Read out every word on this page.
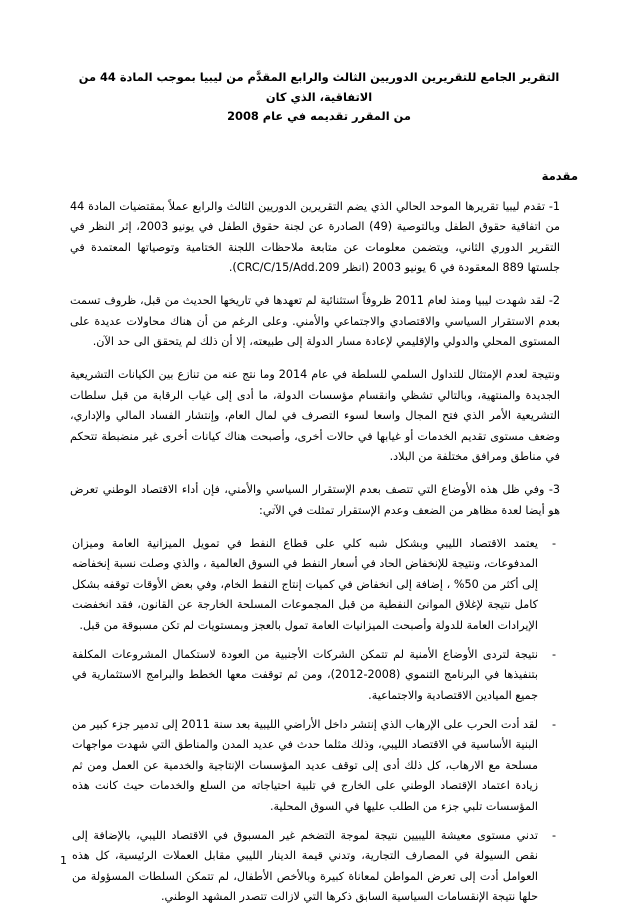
التقرير الجامع للتقريرين الدوريين الثالث والرابع المقدَّم من ليبيا بموجب المادة 44 من الاتفاقية، الذي كان
من المقرر تقديمه في عام 2008
مقدمة

1- تقدم ليبيا تقريرها الموحد الحالي الذي يضم التقريرين الدوريين الثالث والرابع عملاً بمقتضيات المادة 44 من اتفاقية حقوق الطفل وبالتوصية (49) الصادرة عن لجنة حقوق الطفل في يونيو 2003، إثر النظر في التقرير الدوري الثاني، ويتضمن معلومات عن متابعة ملاحظات اللجنة الختامية وتوصياتها المعتمدة في جلستها 889 المعقودة في 6 يونيو 2003 (انظر CRC/C/15/Add.209).

2- لقد شهدت ليبيا ومنذ لعام 2011 ظروفاً استثنائية لم تعهدها في تاريخها الحديث من قبل، ظروف تسمت بعدم الاستقرار السياسي والاقتصادي والاجتماعي والأمني. وعلى الرغم من أن هناك محاولات عديدة على المستوى المحلي والدولي والإقليمي لإعادة مسار الدولة إلى طبيعته، إلا أن ذلك لم يتحقق الى حد الآن.

ونتيجة لعدم الإمتثال للتداول السلمي للسلطة في عام 2014 وما نتج عنه من تنازع بين الكيانات التشريعية الجديدة والمنتهية، وبالتالي تشظي وانقسام مؤسسات الدولة، ما أدى إلى غياب الرقابة من قبل سلطات التشريعية الأمر الذي فتح المجال واسعا لسوء التصرف في لمال العام، وإنتشار الفساد المالي والإداري، وضعف مستوى تقديم الخدمات أو غيابها في حالات أخرى، وأصبحت هناك كيانات أخرى غير منضبطة تتحكم في مناطق ومرافق مختلفة من البلاد.

3- وفي ظل هذه الأوضاع التي تتصف بعدم الإستقرار السياسي والأمني، فإن أداء الاقتصاد الوطني تعرض هو أيضا لعدة مظاهر من الضعف وعدم الإستقرار تمثلت في الآتي:

-
يعتمد الاقتصاد الليبي وبشكل شبه كلي على قطاع النفط في تمويل الميزانية العامة وميزان المدفوعات، ونتيجة للإنخفاض الحاد في أسعار النفط في السوق العالمية ، والذي وصلت نسبة إنخفاضه إلى أكثر من 50% ، إضافة إلى انخفاض في كميات إنتاج النفط الخام، وفي بعض الأوقات توقفه بشكل كامل نتيجة لإغلاق الموانئ النفطية من قبل المجموعات المسلحة الخارجة عن القانون، فقد انخفضت الإيرادات العامة للدولة وأصبحت الميزانيات العامة تمول بالعجز وبمستويات لم تكن مسبوقة من قبل.
-
نتيجة لتردى الأوضاع الأمنية لم تتمكن الشركات الأجنبية من العودة لاستكمال المشروعات المكلفة بتنفيذها في البرنامج التنموي (2008-2012)، ومن ثم توقفت معها الخطط والبرامج الاستثمارية في جميع الميادين الاقتصادية والاجتماعية.
-
لقد أدت الحرب على الإرهاب الذي إنتشر داخل الأراضي الليبية بعد سنة 2011 إلى تدمير جزء كبير من البنية الأساسية في الاقتصاد الليبي، وذلك مثلما حدث في عديد المدن والمناطق التي شهدت مواجهات مسلحة مع الارهاب، كل ذلك أدى إلى توقف عديد المؤسسات الإنتاجية والخدمية عن العمل ومن ثم زيادة اعتماد الإقتصاد الوطني على الخارج في تلبية احتياجاته من السلع والخدمات حيث كانت هذه المؤسسات تلبي جزء من الطلب عليها في السوق المحلية.
-
تدني مستوى معيشة الليبيين نتيجة لموجة التضخم غير المسبوق في الاقتصاد الليبي، بالإضافة إلى نقص السيولة في المصارف التجارية، وتدني قيمة الدينار الليبي مقابل العملات الرئيسية، كل هذه العوامل أدت إلى تعرض المواطن لمعاناة كبيرة وبالأخص الأطفال، لم تتمكن السلطات المسؤولة من حلها نتيجة الإنقسامات السياسية السابق ذكرها التي لازالت تتصدر المشهد الوطني.
1
